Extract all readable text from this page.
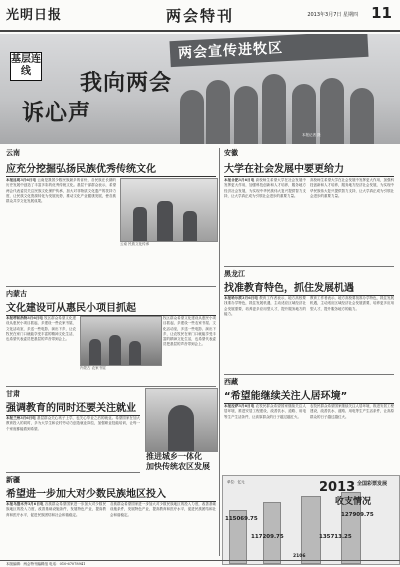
光明日报	两会特刊	2013年3月7日 星期四 11
两会宣传进牧区
本报记者 摄
基层连线	我向两会
诉心声
云南
应充分挖掘弘扬民族优秀传统文化
本报昆明3月6日电 云南是我国少数民族最多的省份，各民族在长期的历史发展中创造了丰富多彩的优秀传统文化。基层干部群众表示，希望两会代表委员关注民族文化保护传承，加大对非物质文化遗产的扶持力度，让民族文化资源转化为发展优势，推动文化产业健康发展，使各族群众共享文化发展成果。
云南 民族文化传承
内蒙古
文化建设可从惠民小项目抓起
本报呼和浩特3月6日电 牧区群众希望文化建设从惠民小项目抓起，多建设一些农家书屋、文化活动室，多送一些电影、演出下乡，让农牧民在家门口就能享受丰富的精神文化生活，也希望代表委员把基层的声音带到会上。
内蒙古 农家书屋
牧区群众希望文化建设从惠民小项目抓起，多建设一些农家书屋、文化活动室，多送一些电影、演出下乡，让农牧民在家门口就能享受丰富的精神文化生活，也希望代表委员把基层的声音带到会上。
甘肃
强调教育的同时还要关注就业
本报兰州3月6日电 基层群众关心孩子上学，也关心毕业之后的就业。希望国家在加大教育投入的同时，多为大学生和农村劳动力创造就业岗位，加强职业技能培训，让每一个家庭都能看到希望。
新疆
希望进一步加大对少数民族地区投入
本报乌鲁木齐3月6日电 各族群众希望国家进一步加大对少数民族地区的投入力度，改善基础设施条件，发展特色产业，提高教育和医疗水平，促进民族团结和社会和谐稳定。
各族群众希望国家进一步加大对少数民族地区的投入力度，改善基础设施条件，发展特色产业，提高教育和医疗水平，促进民族团结和社会和谐稳定。
推进城乡一体化
加快传统农区发展
安徽
大学在社会发展中要更给力
本报合肥3月6日电 高校师生希望大学在社会发展中发挥更大作用，加强科技创新和人才培养，服务地方经济社会发展，为实现中华民族伟大复兴提供智力支持，让大学真正成为引领社会进步的重要力量。
高校师生希望大学在社会发展中发挥更大作用，加强科技创新和人才培养，服务地方经济社会发展，为实现中华民族伟大复兴提供智力支持，让大学真正成为引领社会进步的重要力量。
黑龙江
找准教育特色，抓住发展机遇
本报哈尔滨3月6日电 教育工作者表示，地方高校要找准办学特色，抓住发展机遇，主动适应区域经济社会发展需要，培养更多应用型人才，提升服务地方的能力。
教育工作者表示，地方高校要找准办学特色，抓住发展机遇，主动适应区域经济社会发展需要，培养更多应用型人才，提升服务地方的能力。
西藏
“希望能继续关注人居环境”
本报拉萨3月6日电 农牧民群众希望国家继续关注人居环境，推进安居工程建设，改善饮水、道路、用电等生产生活条件，让高原群众的日子越过越红火。
农牧民群众希望国家继续关注人居环境，推进安居工程建设，改善饮水、道路、用电等生产生活条件，让高原群众的日子越过越红火。
115069.75
117209.75
127909.75
135713.25
2106
2013 全国彩票发展
收支情况
单位：亿元
本版编辑：两会特刊编辑组 电话：010-67078941
